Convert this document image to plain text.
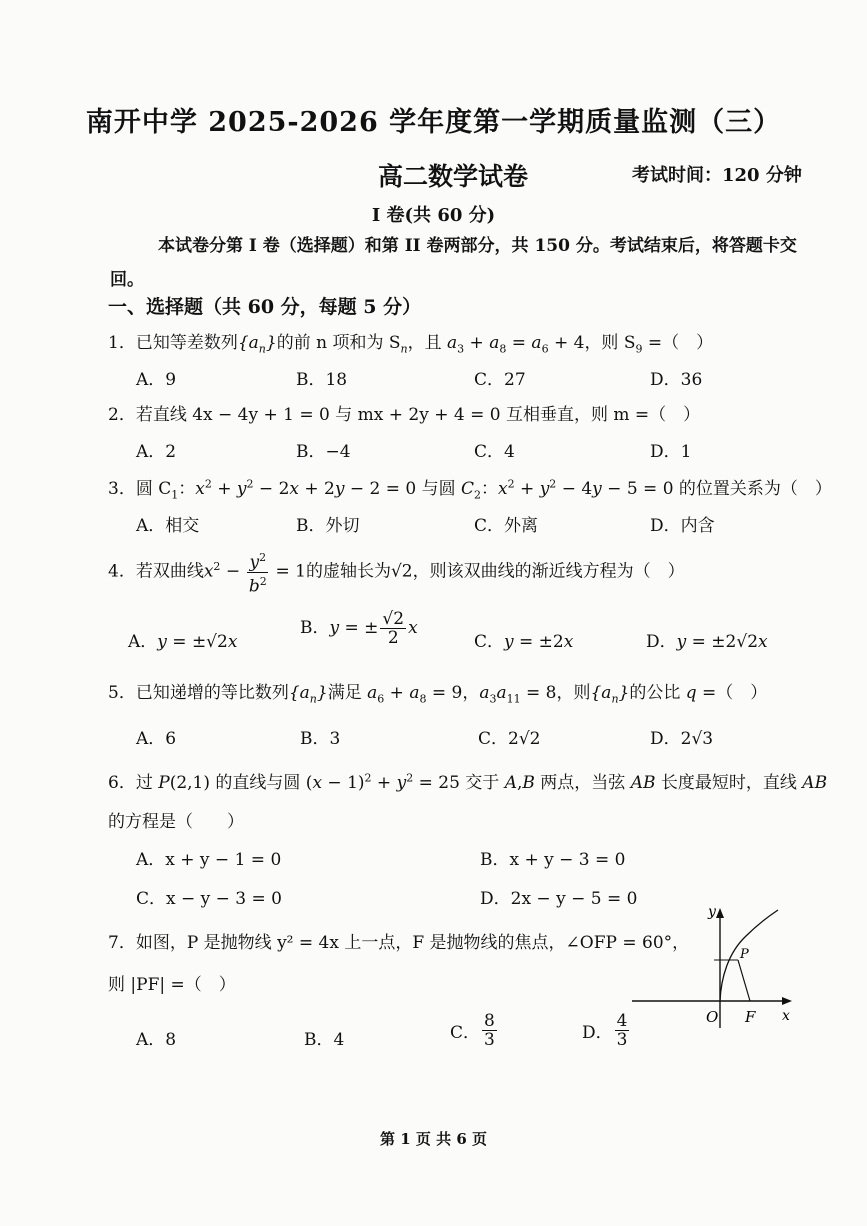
南开中学 2025-2026 学年度第一学期质量监测（三）
高二数学试卷	考试时间：120 分钟
I 卷(共 60 分)
本试卷分第 I 卷（选择题）和第 II 卷两部分，共 150 分。考试结束后，将答题卡交回。
一、选择题（共 60 分，每题 5 分）
1．已知等差数列$\{a_n\}$的前 n 项和为 $S_n$，且 $a_3 + a_8 = a_6 + 4$，则 $S_9$ =（　）
A．9	B．18	C．27	D．36
2．若直线 4x − 4y + 1 = 0 与 mx + 2y + 4 = 0 互相垂直，则 m =（　）
A．2	B．−4	C．4	D．1
3．圆 $C_1$：$x^2 + y^2 - 2x + 2y - 2 = 0$ 与圆 $C_2$：$x^2 + y^2 - 4y - 5 = 0$ 的位置关系为（　）
A．相交	B．外切	C．外离	D．内含
4．若双曲线$x^2 - \frac{y^2}{b^2} = 1$的虚轴长为√2，则该双曲线的渐近线方程为（　）
A．y = ±√2x
B．y = ± $\frac{√2}{2}$ x
C．y = ±2x	D．y = ±2√2x
5．已知递增的等比数列$\{a_n\}$满足 $a_6 + a_8 = 9$，$a_3a_{11} = 8$，则$\{a_n\}$的公比 q =（　）
A．6	B．3	C．2√2	D．2√3
6．过 P(2,1) 的直线与圆 $(x - 1)^2 + y^2 = 25$ 交于 A,B 两点，当弦 AB 长度最短时，直线 AB
的方程是（　　）
A．x + y − 1 = 0	B．x + y − 3 = 0
C．x − y − 3 = 0	D．2x − y − 5 = 0
7．如图，P 是抛物线 y² = 4x 上一点，F 是抛物线的焦点，∠OFP = 60°，
则 |PF| =（　）
A．8	B．4	C． $\frac{8}{3}$	D． $\frac{4}{3}$
y
x
O F
P
第 1 页 共 6 页
